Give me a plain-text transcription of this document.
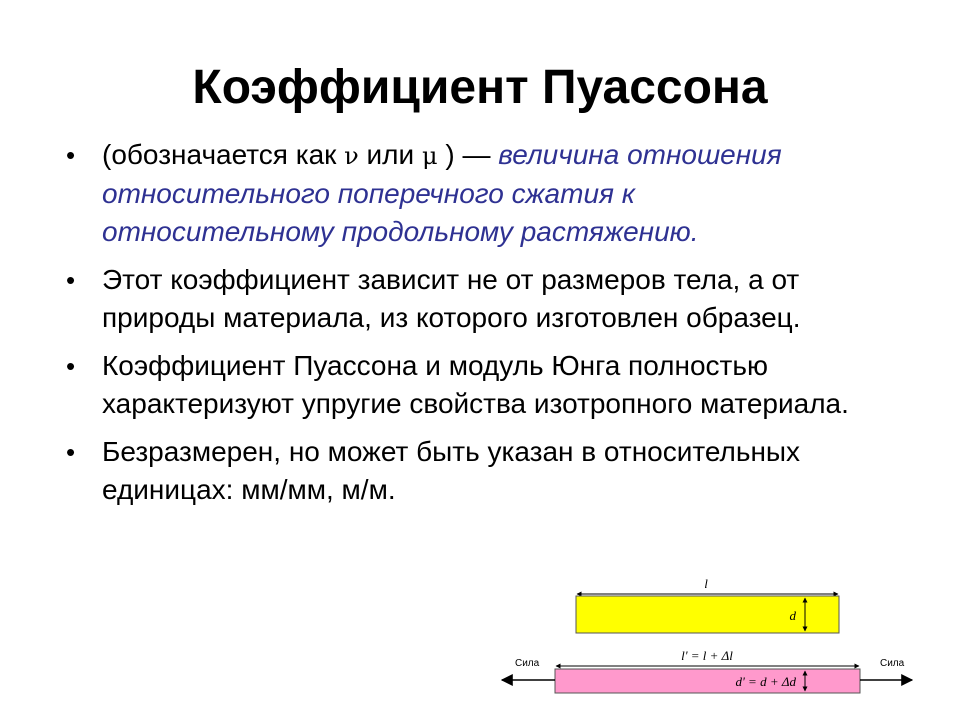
Коэффициент Пуассона
• (обозначается как ν или μ ) — величина отношения относительного поперечного сжатия к относительному продольному растяжению.
• Этот коэффициент зависит не от размеров тела, а от природы материала, из которого изготовлен образец.
• Коэффициент Пуассона и модуль Юнга полностью характеризуют упругие свойства изотропного материала.
• Безразмерен, но может быть указан в относительных единицах: мм/мм, м/м.
l
d
l' = l + Δl
d' = d + Δd
Сила	Сила
